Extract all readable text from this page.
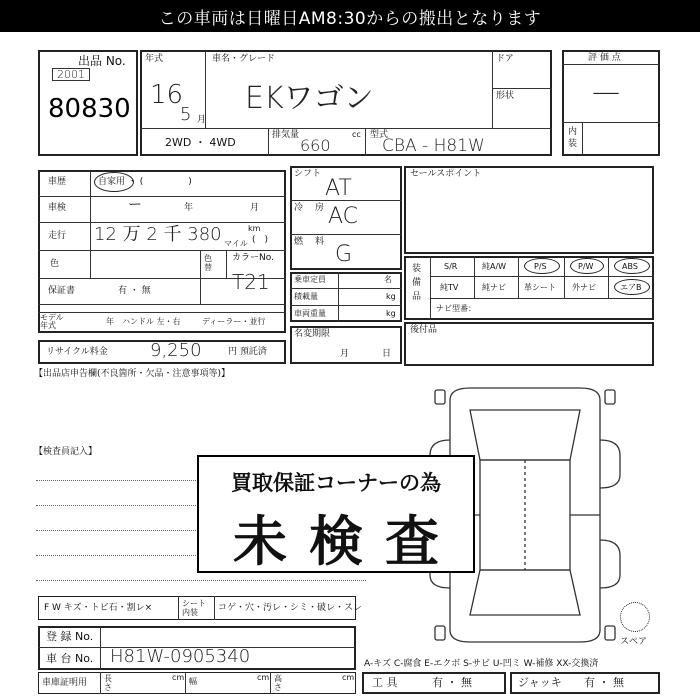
この車両は日曜日AM8:30からの搬出となります
出品 No.
2001
80830
年式
16
5 月
車名・グレード
EKワゴン
ドア
形状
2WD ・ 4WD
排気量
660
cc 型式
CBA - H81W
評 価 点
—
内装
車歴	自家用 ・ (　　　　　)
車検	ー	年	月
走行 12 万 2 千 380	km
マイル (　)
色
色替
カラーNo.
T21
保証書	有 ・ 無
モデル年式	年 ハンドル 左・右	ディーラー・並行
リサイクル料金 9,250	円 預託済
シフト
AT
冷房
AC
燃料
G
乗車定員	名
積載量	kg
車両重量	kg
名変期限
月	日
セールスポイント
装備品
S/R	純A/W	P/S	P/W	ABS
純TV	純ナビ 革シート 外ナビ	エアB
ナビ型番：
後付品
【出品店申告欄(不良箇所・欠品・注意事項等)】
【検査員記入】
スペア
買取保証コーナーの為
未検査
F W キズ・トビ石・割レ×	シート内装	コゲ・穴・汚レ・シミ・破レ・スレ
登 録 No.
車 台 No. H81W-0905340
車庫証明用 長さ
cm 幅	cm 高さ
cm
A-キズ C-腐食 E-エクボ S-サビ U-凹ミ W-補修 XX-交換済
工 具	有 ・ 無	ジャッキ 有 ・ 無
